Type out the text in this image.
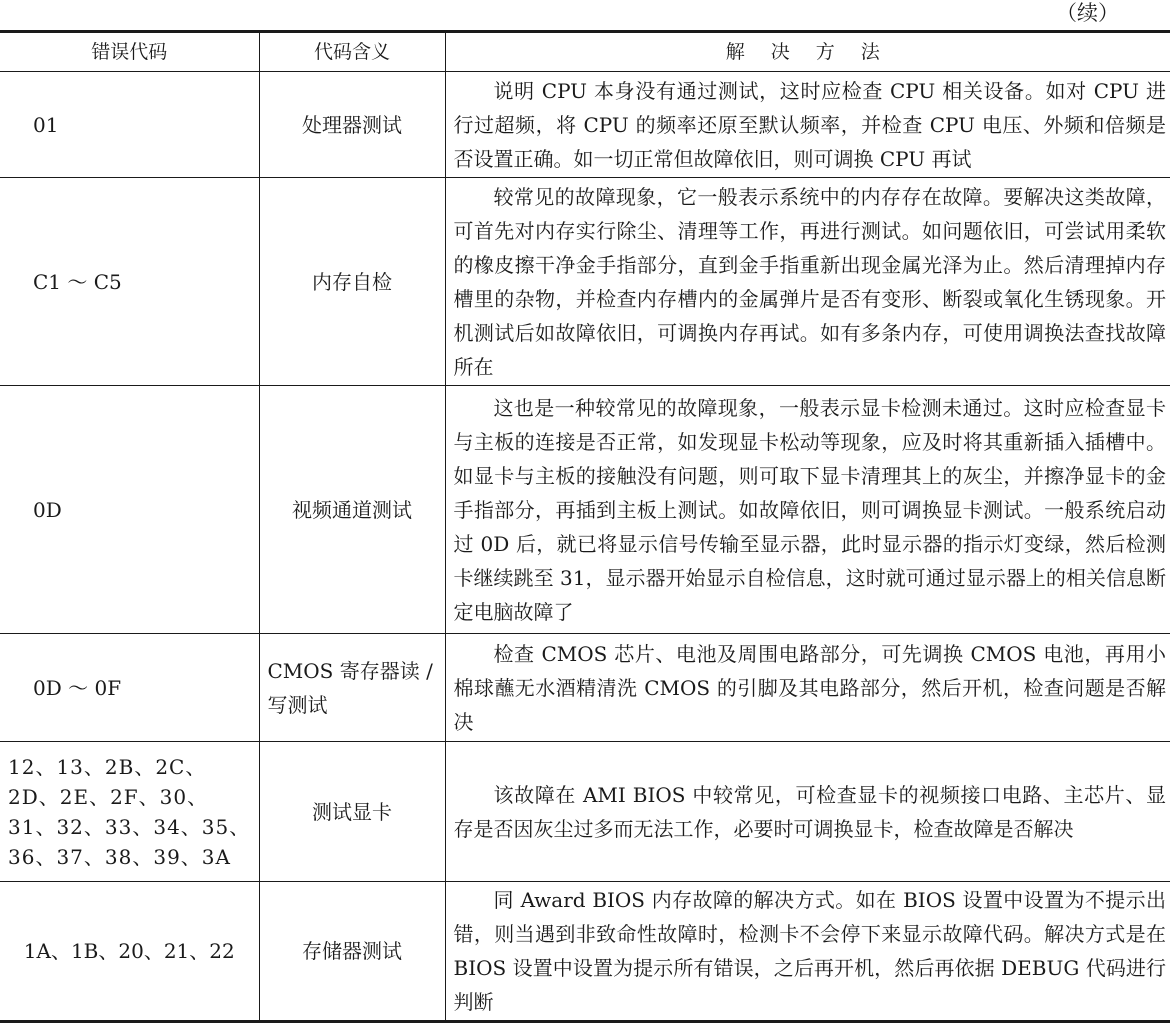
（续）
错误代码	代码含义	解 决 方 法
01	处理器测试	说明 CPU 本身没有通过测试，这时应检查 CPU 相关设备。如对 CPU 进行过超频，将 CPU 的频率还原至默认频率，并检查 CPU 电压、外频和倍频是否设置正确。如一切正常但故障依旧，则可调换 CPU 再试
C1 ～ C5	内存自检	较常见的故障现象，它一般表示系统中的内存存在故障。要解决这类故障，可首先对内存实行除尘、清理等工作，再进行测试。如问题依旧，可尝试用柔软的橡皮擦干净金手指部分，直到金手指重新出现金属光泽为止。然后清理掉内存槽里的杂物，并检查内存槽内的金属弹片是否有变形、断裂或氧化生锈现象。开机测试后如故障依旧，可调换内存再试。如有多条内存，可使用调换法查找故障所在
0D	视频通道测试	这也是一种较常见的故障现象，一般表示显卡检测未通过。这时应检查显卡与主板的连接是否正常，如发现显卡松动等现象，应及时将其重新插入插槽中。如显卡与主板的接触没有问题，则可取下显卡清理其上的灰尘，并擦净显卡的金手指部分，再插到主板上测试。如故障依旧，则可调换显卡测试。一般系统启动过 0D 后，就已将显示信号传输至显示器，此时显示器的指示灯变绿，然后检测卡继续跳至 31，显示器开始显示自检信息，这时就可通过显示器上的相关信息断定电脑故障了
0D ～ 0F	CMOS 寄存器读 / 写测试	检查 CMOS 芯片、电池及周围电路部分，可先调换 CMOS 电池，再用小棉球蘸无水酒精清洗 CMOS 的引脚及其电路部分，然后开机，检查问题是否解决
12、13、2B、2C、2D、2E、2F、30、31、32、33、34、35、36、37、38、39、3A	测试显卡	该故障在 AMI BIOS 中较常见，可检查显卡的视频接口电路、主芯片、显存是否因灰尘过多而无法工作，必要时可调换显卡，检查故障是否解决
1A、1B、20、21、22	存储器测试	同 Award BIOS 内存故障的解决方式。如在 BIOS 设置中设置为不提示出错，则当遇到非致命性故障时，检测卡不会停下来显示故障代码。解决方式是在 BIOS 设置中设置为提示所有错误，之后再开机，然后再依据 DEBUG 代码进行判断
